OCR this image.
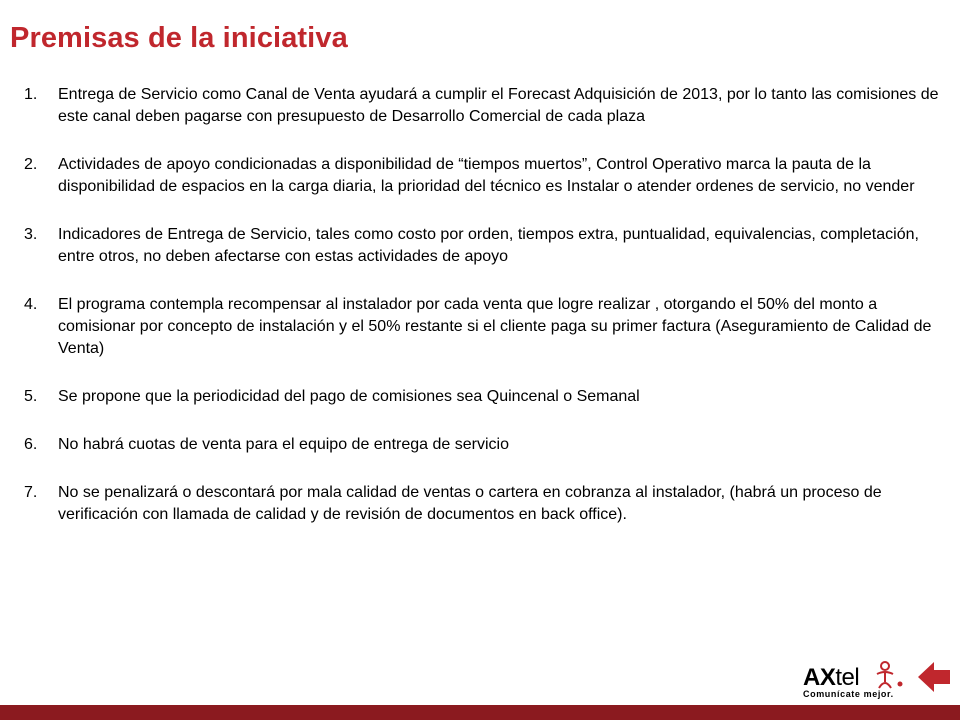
Premisas de la iniciativa
1.	Entrega de Servicio como Canal de Venta ayudará a cumplir el Forecast Adquisición de 2013, por lo tanto las comisiones de este canal deben pagarse con presupuesto de Desarrollo Comercial de cada plaza
2.	Actividades de apoyo condicionadas a disponibilidad de “tiempos muertos”, Control Operativo marca la pauta de la disponibilidad de espacios en la carga diaria, la prioridad del técnico es Instalar o atender ordenes de servicio, no vender
3.	Indicadores de Entrega de Servicio, tales como costo por orden, tiempos extra, puntualidad, equivalencias, completación, entre otros, no deben afectarse con estas actividades de apoyo
4.	El programa contempla recompensar al instalador por cada venta que logre realizar , otorgando el 50% del monto a comisionar por concepto de instalación y el 50% restante si el cliente paga su primer factura (Aseguramiento de Calidad de Venta)
5.	Se propone que la periodicidad del pago de comisiones sea Quincenal o Semanal
6.	No habrá cuotas de venta para el equipo de entrega de servicio
7.	No se penalizará o descontará por mala calidad de ventas o cartera en cobranza al instalador, (habrá un proceso de verificación con llamada de calidad y de revisión de documentos en back office).
AXtel
Comunícate mejor.
